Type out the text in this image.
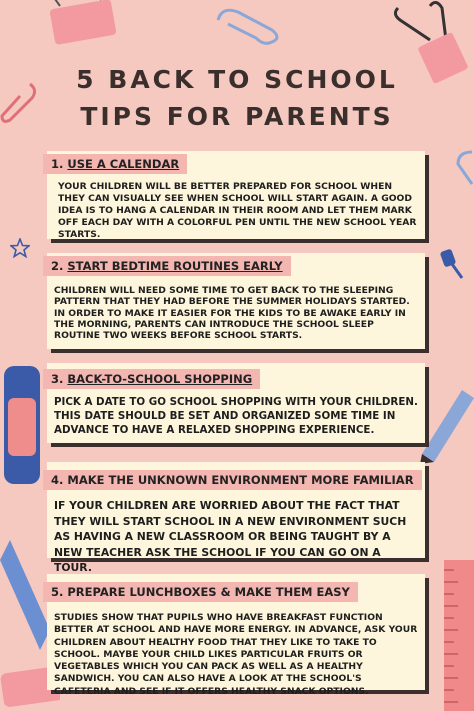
5 BACK TO SCHOOL
TIPS FOR PARENTS
1. USE A CALENDAR
YOUR CHILDREN WILL BE BETTER PREPARED FOR SCHOOL WHEN THEY CAN VISUALLY SEE WHEN SCHOOL WILL START AGAIN. A GOOD IDEA IS TO HANG A CALENDAR IN THEIR ROOM AND LET THEM MARK OFF EACH DAY WITH A COLORFUL PEN UNTIL THE NEW SCHOOL YEAR STARTS.
2. START BEDTIME ROUTINES EARLY
CHILDREN WILL NEED SOME TIME TO GET BACK TO THE SLEEPING PATTERN THAT THEY HAD BEFORE THE SUMMER HOLIDAYS STARTED. IN ORDER TO MAKE IT EASIER FOR THE KIDS TO BE AWAKE EARLY IN THE MORNING, PARENTS CAN INTRODUCE THE SCHOOL SLEEP ROUTINE TWO WEEKS BEFORE SCHOOL STARTS.
3. BACK-TO-SCHOOL SHOPPING
PICK A DATE TO GO SCHOOL SHOPPING WITH YOUR CHILDREN. THIS DATE SHOULD BE SET AND ORGANIZED SOME TIME IN ADVANCE TO HAVE A RELAXED SHOPPING EXPERIENCE.
4. MAKE THE UNKNOWN ENVIRONMENT MORE FAMILIAR
IF YOUR CHILDREN ARE WORRIED ABOUT THE FACT THAT THEY WILL START SCHOOL IN A NEW ENVIRONMENT SUCH AS HAVING A NEW CLASSROOM OR BEING TAUGHT BY A NEW TEACHER ASK THE SCHOOL IF YOU CAN GO ON A TOUR.
5. PREPARE LUNCHBOXES & MAKE THEM EASY
STUDIES SHOW THAT PUPILS WHO HAVE BREAKFAST FUNCTION BETTER AT SCHOOL AND HAVE MORE ENERGY. IN ADVANCE, ASK YOUR CHILDREN ABOUT HEALTHY FOOD THAT THEY LIKE TO TAKE TO SCHOOL. MAYBE YOUR CHILD LIKES PARTICULAR FRUITS OR VEGETABLES WHICH YOU CAN PACK AS WELL AS A HEALTHY SANDWICH. YOU CAN ALSO HAVE A LOOK AT THE SCHOOL'S CAFETERIA AND SEE IF IT OFFERS HEALTHY SNACK OPTIONS.
